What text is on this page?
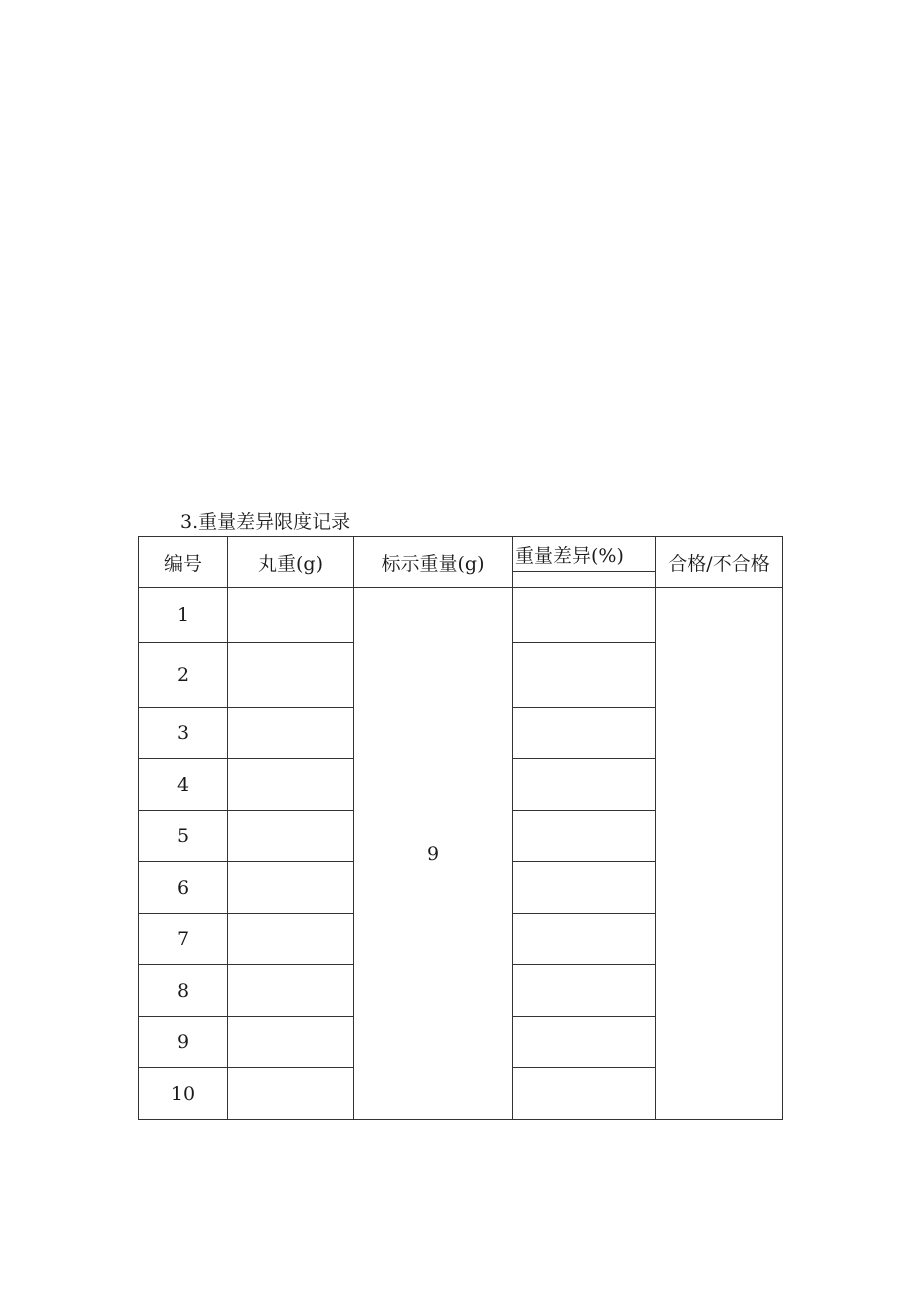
3.重量差异限度记录
编号	丸重(g)	标示重量(g)	重量差异(%)	合格/不合格
1		9		
2				
3				
4				
5				
6				
7				
8				
9				
10				
